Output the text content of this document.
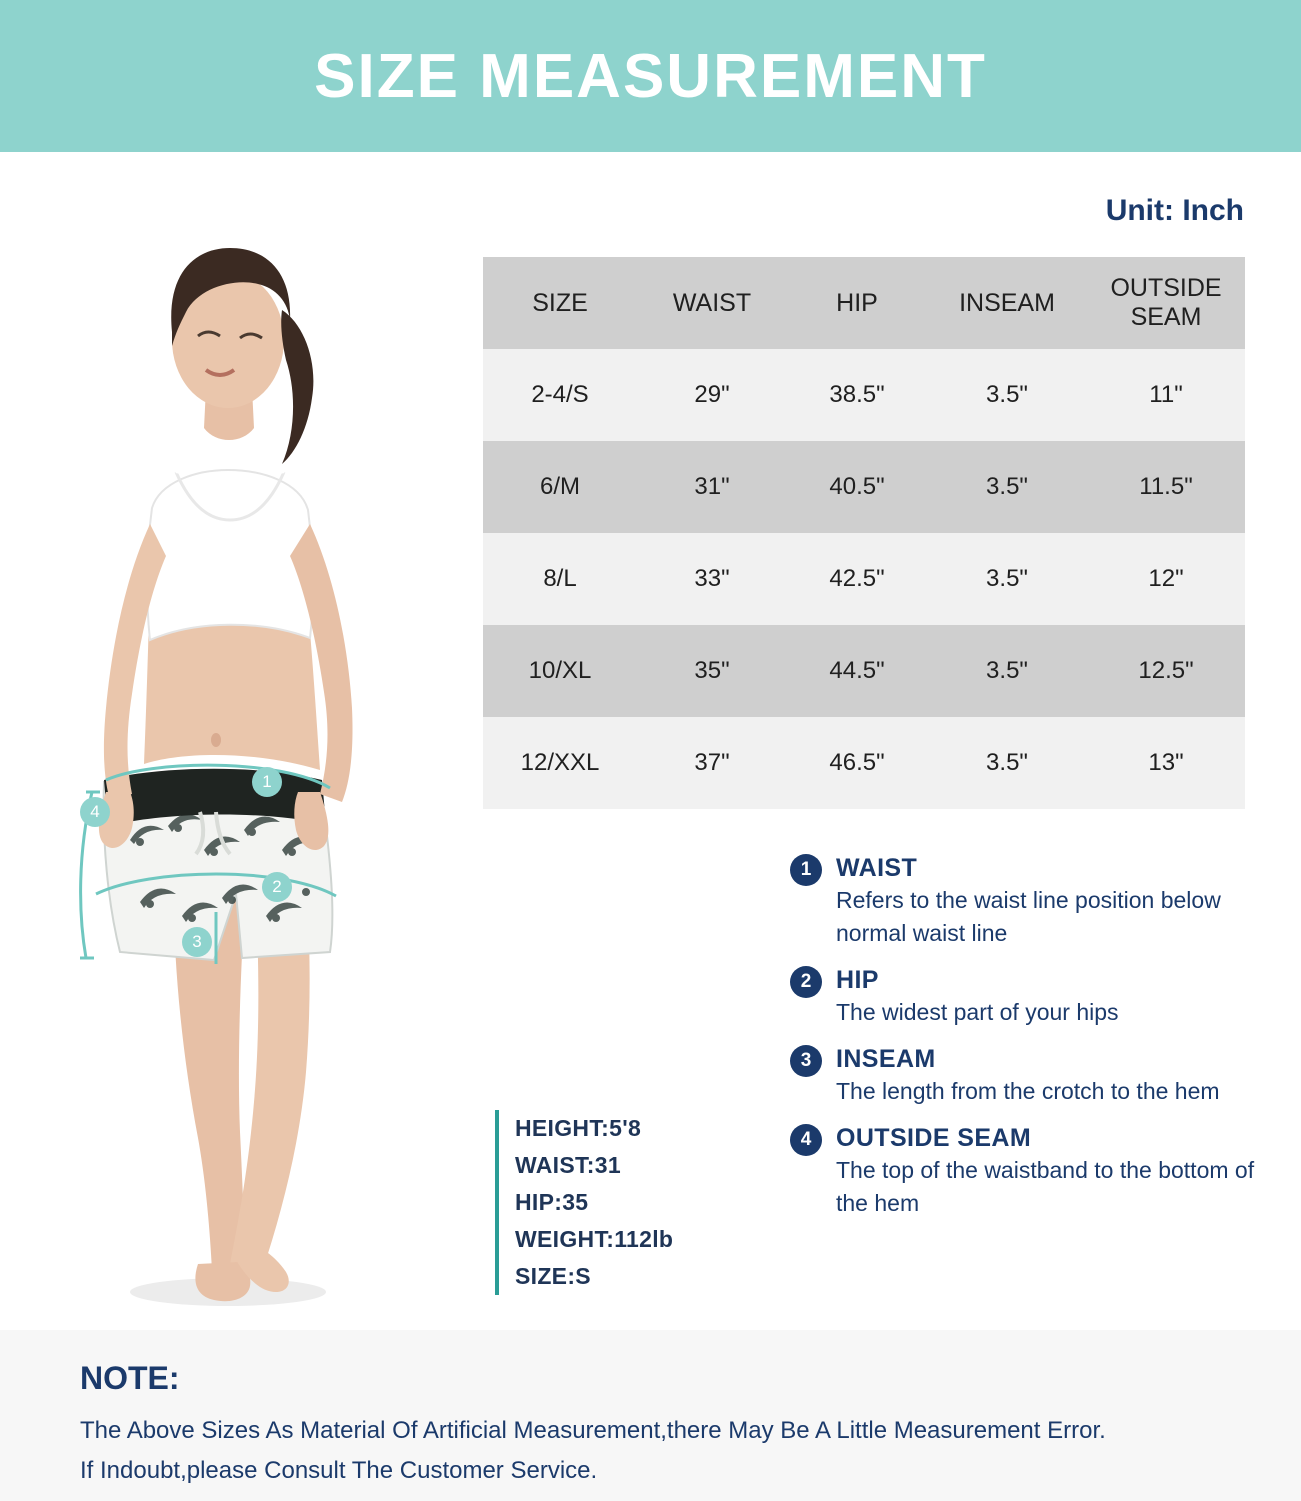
SIZE MEASUREMENT
1
2
3
4
Unit: Inch
SIZE	WAIST	HIP	INSEAM	OUTSIDE SEAM
2-4/S	29"	38.5"	3.5"	11"
6/M	31"	40.5"	3.5"	11.5"
8/L	33"	42.5"	3.5"	12"
10/XL	35"	44.5"	3.5"	12.5"
12/XXL	37"	46.5"	3.5"	13"
HEIGHT:5'8
WAIST:31
HIP:35
WEIGHT:112lb
SIZE:S
1 WAIST
Refers to the waist line position below normal waist line
2 HIP
The widest part of your hips
3 INSEAM
The length from the crotch to the hem
4 OUTSIDE SEAM
The top of the waistband to the bottom of the hem
NOTE:
The Above Sizes As Material Of Artificial Measurement,there May Be A Little Measurement Error.
If Indoubt,please Consult The Customer Service.
